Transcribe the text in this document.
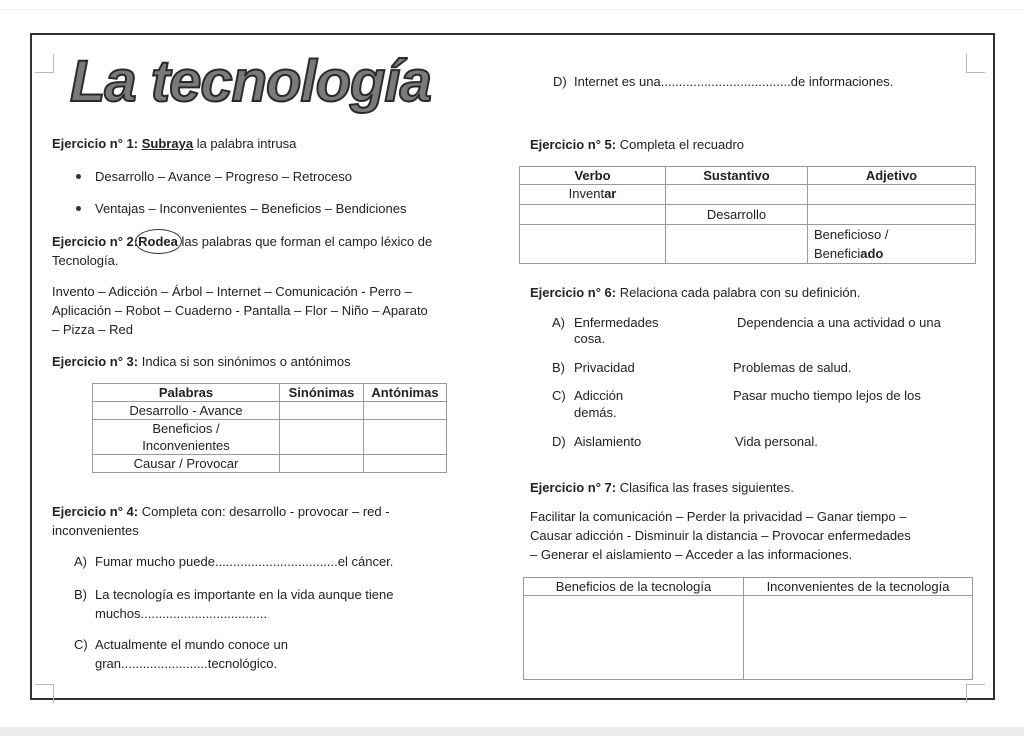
La tecnología
Ejercicio n° 1: Subraya la palabra intrusa
Desarrollo – Avance – Progreso – Retroceso
Ventajas – Inconvenientes – Beneficios – Bendiciones
Ejercicio n° 2:Rodea las palabras que forman el campo léxico de
Tecnología.
Invento – Adicción – Árbol – Internet – Comunicación - Perro –
Aplicación – Robot – Cuaderno - Pantalla – Flor – Niño – Aparato
– Pizza – Red
Ejercicio n° 3: Indica si son sinónimos o antónimos
Palabras	Sinónimas	Antónimas
Desarrollo - Avance		

Beneficios /
Inconvenientes		

Causar / Provocar		
Ejercicio n° 4: Completa con: desarrollo - provocar – red -
inconvenientes
A) Fumar mucho puede..................................el cáncer.
B) La tecnología es importante en la vida aunque tiene
muchos...................................
C) Actualmente el mundo conoce un
gran........................tecnológico.
D) Internet es una....................................de informaciones.
Ejercicio n° 5: Completa el recuadro
Verbo	Sustantivo	Adjetivo
Inventar		
	Desarrollo	

		Beneficioso /
Beneficiado
Ejercicio n° 6: Relaciona cada palabra con su definición.
A) Enfermedades	Dependencia a una actividad o una
cosa.
B) Privacidad	Problemas de salud.
C) Adicción	Pasar mucho tiempo lejos de los
demás.
D) Aislamiento	Vida personal.
Ejercicio n° 7: Clasifica las frases siguientes.
Facilitar la comunicación – Perder la privacidad – Ganar tiempo –
Causar adicción - Disminuir la distancia – Provocar enfermedades
– Generar el aislamiento – Acceder a las informaciones.
Beneficios de la tecnología	Inconvenientes de la tecnología
